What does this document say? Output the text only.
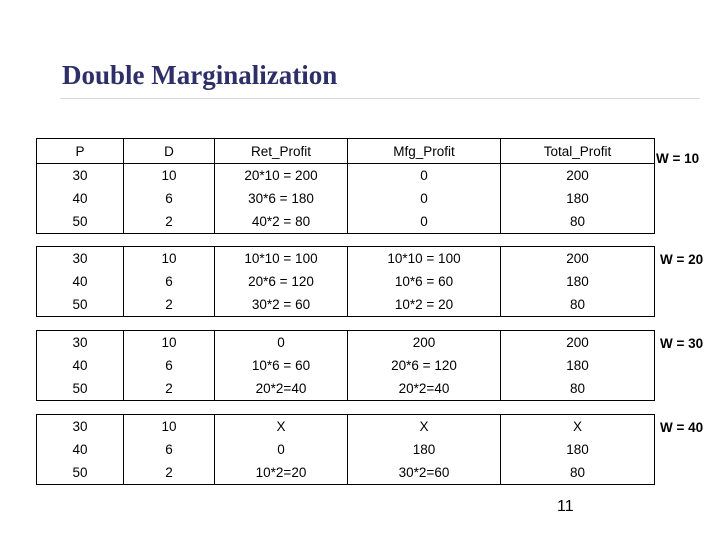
Double Marginalization
P	D	Ret_Profit	Mfg_Profit	Total_Profit
30	10	20*10 = 200	0	200
40	6	30*6 = 180	0	180
50	2	40*2 = 80	0	80
W = 10
30	10	10*10 = 100	10*10 = 100	200
40	6	20*6 = 120	10*6 = 60	180
50	2	30*2 = 60	10*2 = 20	80
W = 20
30	10	0	200	200
40	6	10*6 = 60	20*6 = 120	180
50	2	20*2=40	20*2=40	80
W = 30
30	10	X	X	X
40	6	0	180	180
50	2	10*2=20	30*2=60	80
W = 40
11
